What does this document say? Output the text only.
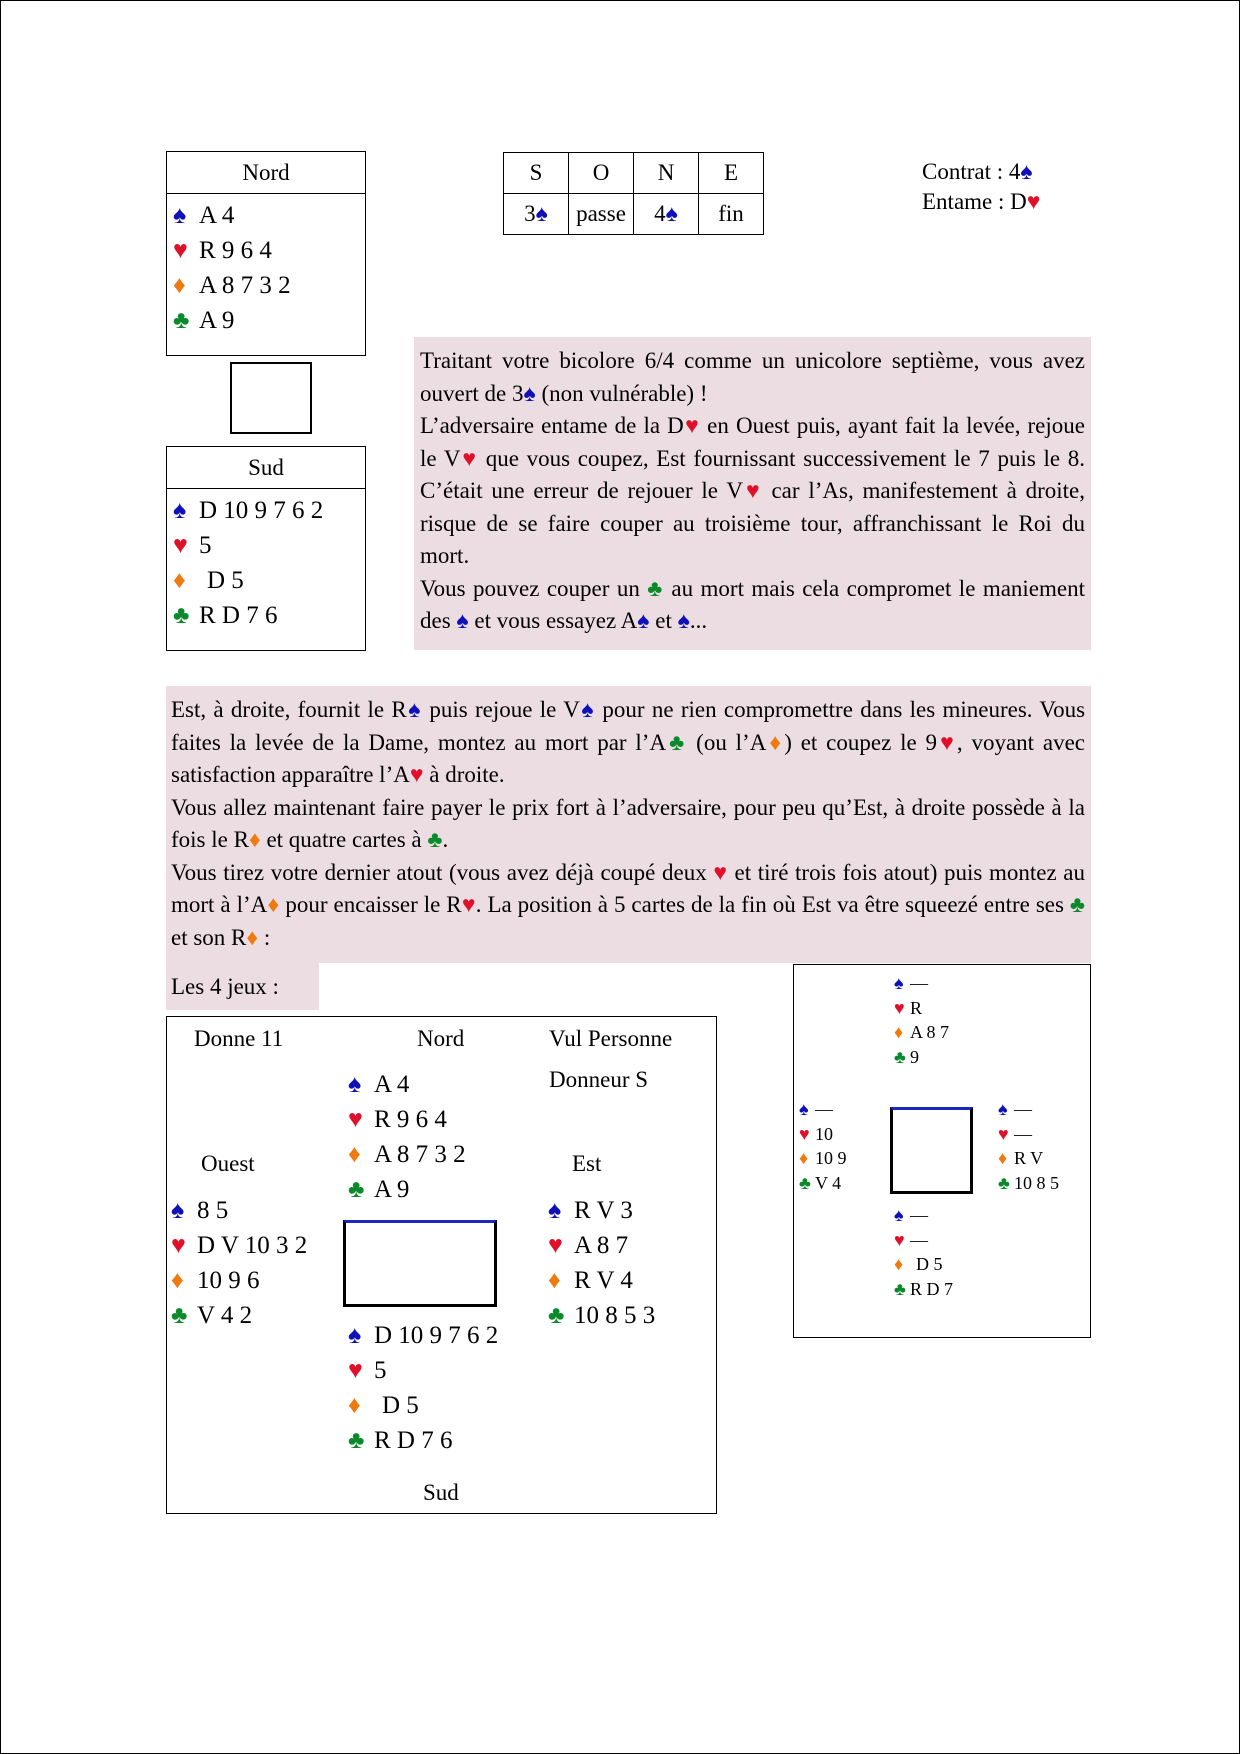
Nord
♠ A 4
♥ R 9 6 4
♦ A 8 7 3 2
♣ A 9
Sud
♠ D 10 9 7 6 2
♥ 5
♦ D 5
♣ R D 7 6
S	O	N	E
3♠	passe	4♠	fin
Contrat : 4♠
Entame : D♥

Traitant votre bicolore 6/4 comme un unicolore septième, vous avez ouvert de 3♠ (non vulnérable) !

L’adversaire entame de la D♥ en Ouest puis, ayant fait la levée, rejoue le V♥ que vous coupez, Est fournissant successivement le 7 puis le 8. C’était une erreur de rejouer le V♥ car l’As, manifestement à droite, risque de se faire couper au troisième tour, affranchissant le Roi du mort.

Vous pouvez couper un ♣ au mort mais cela compromet le maniement des ♠ et vous essayez A♠ et ♠...

Est, à droite, fournit le R♠ puis rejoue le V♠ pour ne rien compromettre dans les mineures. Vous faites la levée de la Dame, montez au mort par l’A♣ (ou l’A♦) et coupez le 9♥, voyant avec satisfaction apparaître l’A♥ à droite.

Vous allez maintenant faire payer le prix fort à l’adversaire, pour peu qu’Est, à droite possède à la fois le R♦ et quatre cartes à ♣.

Vous tirez votre dernier atout (vous avez déjà coupé deux ♥ et tiré trois fois atout) puis montez au mort à l’A♦ pour encaisser le R♥. La position à 5 cartes de la fin où Est va être squeezé entre ses ♣ et son R♦ :

Les 4 jeux :
Donne 11	Nord	Vul Personne
Donneur S
Ouest	Est
Sud
♠ A 4
♥ R 9 6 4
♦ A 8 7 3 2
♣ A 9
♠ 8 5
♥ D V 10 3 2
♦ 10 9 6
♣ V 4 2
♠ R V 3
♥ A 8 7
♦ R V 4
♣ 10 8 5 3
♠ D 10 9 7 6 2
♥ 5
♦ D 5
♣ R D 7 6
♠ —
♥ R
♦ A 8 7
♣ 9
♠ —
♥ 10
♦ 10 9
♣ V 4
♠ —
♥ —
♦ R V
♣ 10 8 5
♠ —
♥ —
♦ D 5
♣ R D 7
